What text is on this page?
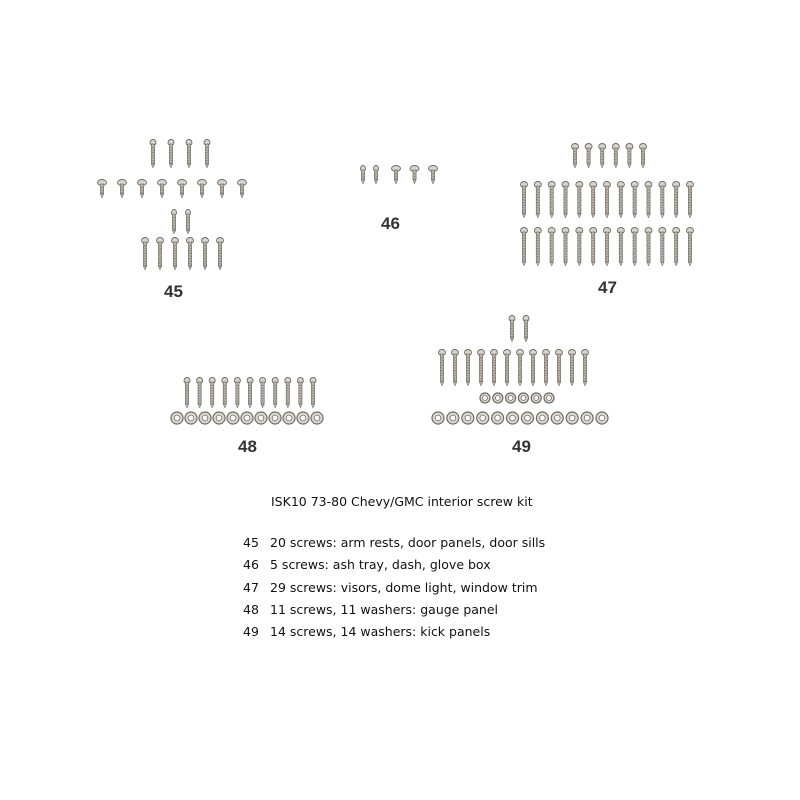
45
46
47
48	49
ISK10 73-80 Chevy/GMC interior screw kit
45 20 screws: arm rests, door panels, door sills
46 5 screws: ash tray, dash, glove box
47 29 screws: visors, dome light, window trim
48 11 screws, 11 washers: gauge panel
49 14 screws, 14 washers: kick panels
